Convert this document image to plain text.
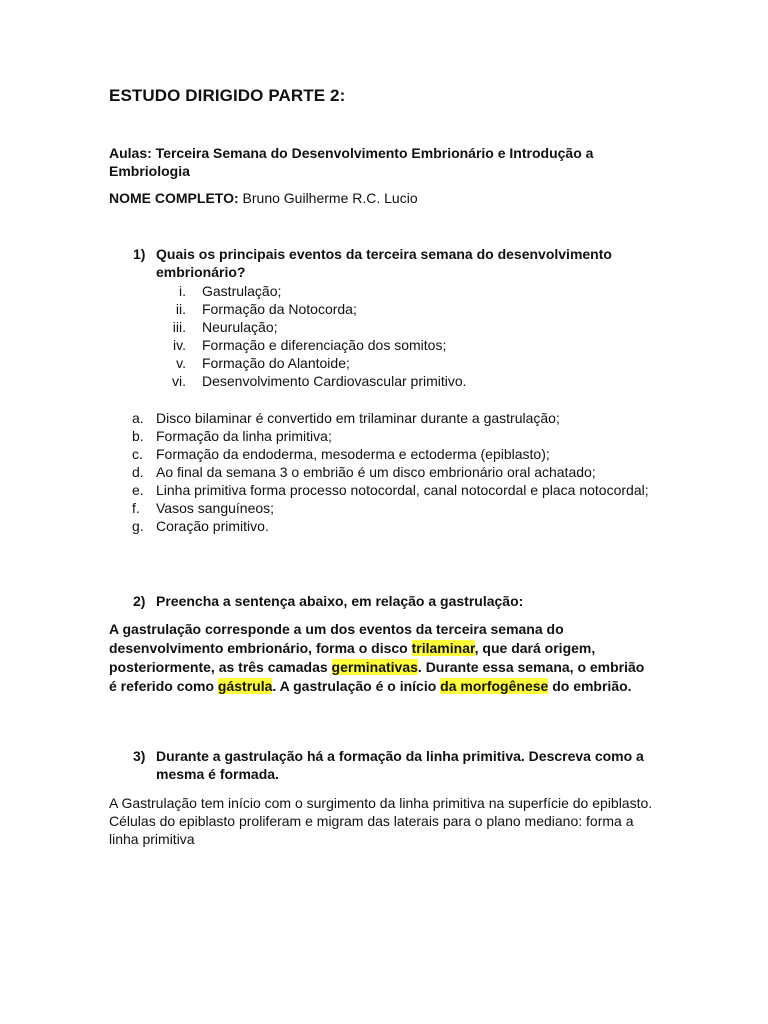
ESTUDO DIRIGIDO PARTE 2:
Aulas: Terceira Semana do Desenvolvimento Embrionário e Introdução a Embriologia
NOME COMPLETO: Bruno Guilherme R.C. Lucio
1) Quais os principais eventos da terceira semana do desenvolvimento embrionário?
i. Gastrulação;
ii. Formação da Notocorda;
iii. Neurulação;
iv. Formação e diferenciação dos somitos;
v. Formação do Alantoide;
vi. Desenvolvimento Cardiovascular primitivo.
a. Disco bilaminar é convertido em trilaminar durante a gastrulação;
b. Formação da linha primitiva;
c. Formação da endoderma, mesoderma e ectoderma (epiblasto);
d. Ao final da semana 3 o embrião é um disco embrionário oral achatado;
e. Linha primitiva forma processo notocordal, canal notocordal e placa notocordal;
f. Vasos sanguíneos;
g. Coração primitivo.
2) Preencha a sentença abaixo, em relação a gastrulação:
A gastrulação corresponde a um dos eventos da terceira semana do desenvolvimento embrionário, forma o disco trilaminar, que dará origem, posteriormente, as três camadas germinativas. Durante essa semana, o embrião é referido como gástrula. A gastrulação é o início da morfogênese do embrião.
3) Durante a gastrulação há a formação da linha primitiva. Descreva como a mesma é formada.
A Gastrulação tem início com o surgimento da linha primitiva na superfície do epiblasto. Células do epiblasto proliferam e migram das laterais para o plano mediano: forma a linha primitiva
